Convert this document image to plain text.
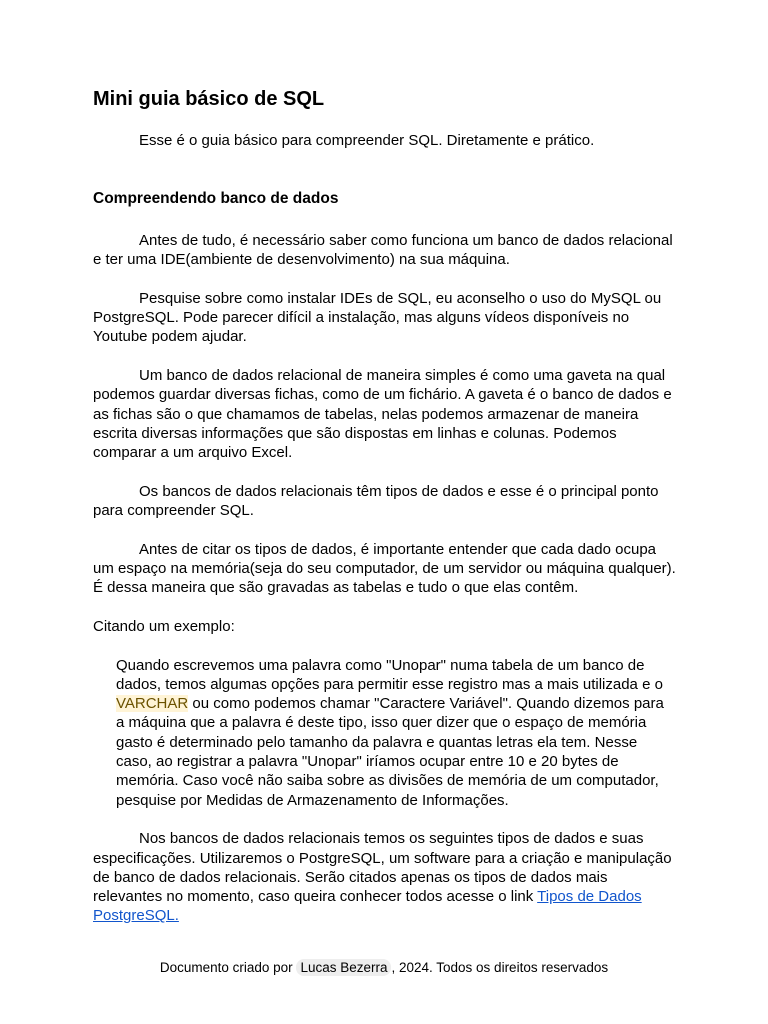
Mini guia básico de SQL

Esse é o guia básico para compreender SQL. Diretamente e prático.

Compreendendo banco de dados

Antes de tudo, é necessário saber como funciona um banco de dados relacional e ter uma IDE(ambiente de desenvolvimento) na sua máquina.

Pesquise sobre como instalar IDEs de SQL, eu aconselho o uso do MySQL ou PostgreSQL. Pode parecer difícil a instalação, mas alguns vídeos disponíveis no Youtube podem ajudar.

Um banco de dados relacional de maneira simples é como uma gaveta na qual podemos guardar diversas fichas, como de um fichário. A gaveta é o banco de dados e as fichas são o que chamamos de tabelas, nelas podemos armazenar de maneira escrita diversas informações que são dispostas em linhas e colunas. Podemos comparar a um arquivo Excel.

Os bancos de dados relacionais têm tipos de dados e esse é o principal ponto para compreender SQL.

Antes de citar os tipos de dados, é importante entender que cada dado ocupa um espaço na memória(seja do seu computador, de um servidor ou máquina qualquer). É dessa maneira que são gravadas as tabelas e tudo o que elas contêm.

Citando um exemplo:

Quando escrevemos uma palavra como "Unopar" numa tabela de um banco de dados, temos algumas opções para permitir esse registro mas a mais utilizada e o VARCHAR ou como podemos chamar "Caractere Variável". Quando dizemos para a máquina que a palavra é deste tipo, isso quer dizer que o espaço de memória gasto é determinado pelo tamanho da palavra e quantas letras ela tem. Nesse caso, ao registrar a palavra "Unopar" iríamos ocupar entre 10 e 20 bytes de memória. Caso você não saiba sobre as divisões de memória de um computador, pesquise por Medidas de Armazenamento de Informações.

Nos bancos de dados relacionais temos os seguintes tipos de dados e suas especificações. Utilizaremos o PostgreSQL, um software para a criação e manipulação de banco de dados relacionais. Serão citados apenas os tipos de dados mais relevantes no momento, caso queira conhecer todos acesse o link Tipos de Dados PostgreSQL.

Documento criado por Lucas Bezerra , 2024. Todos os direitos reservados
